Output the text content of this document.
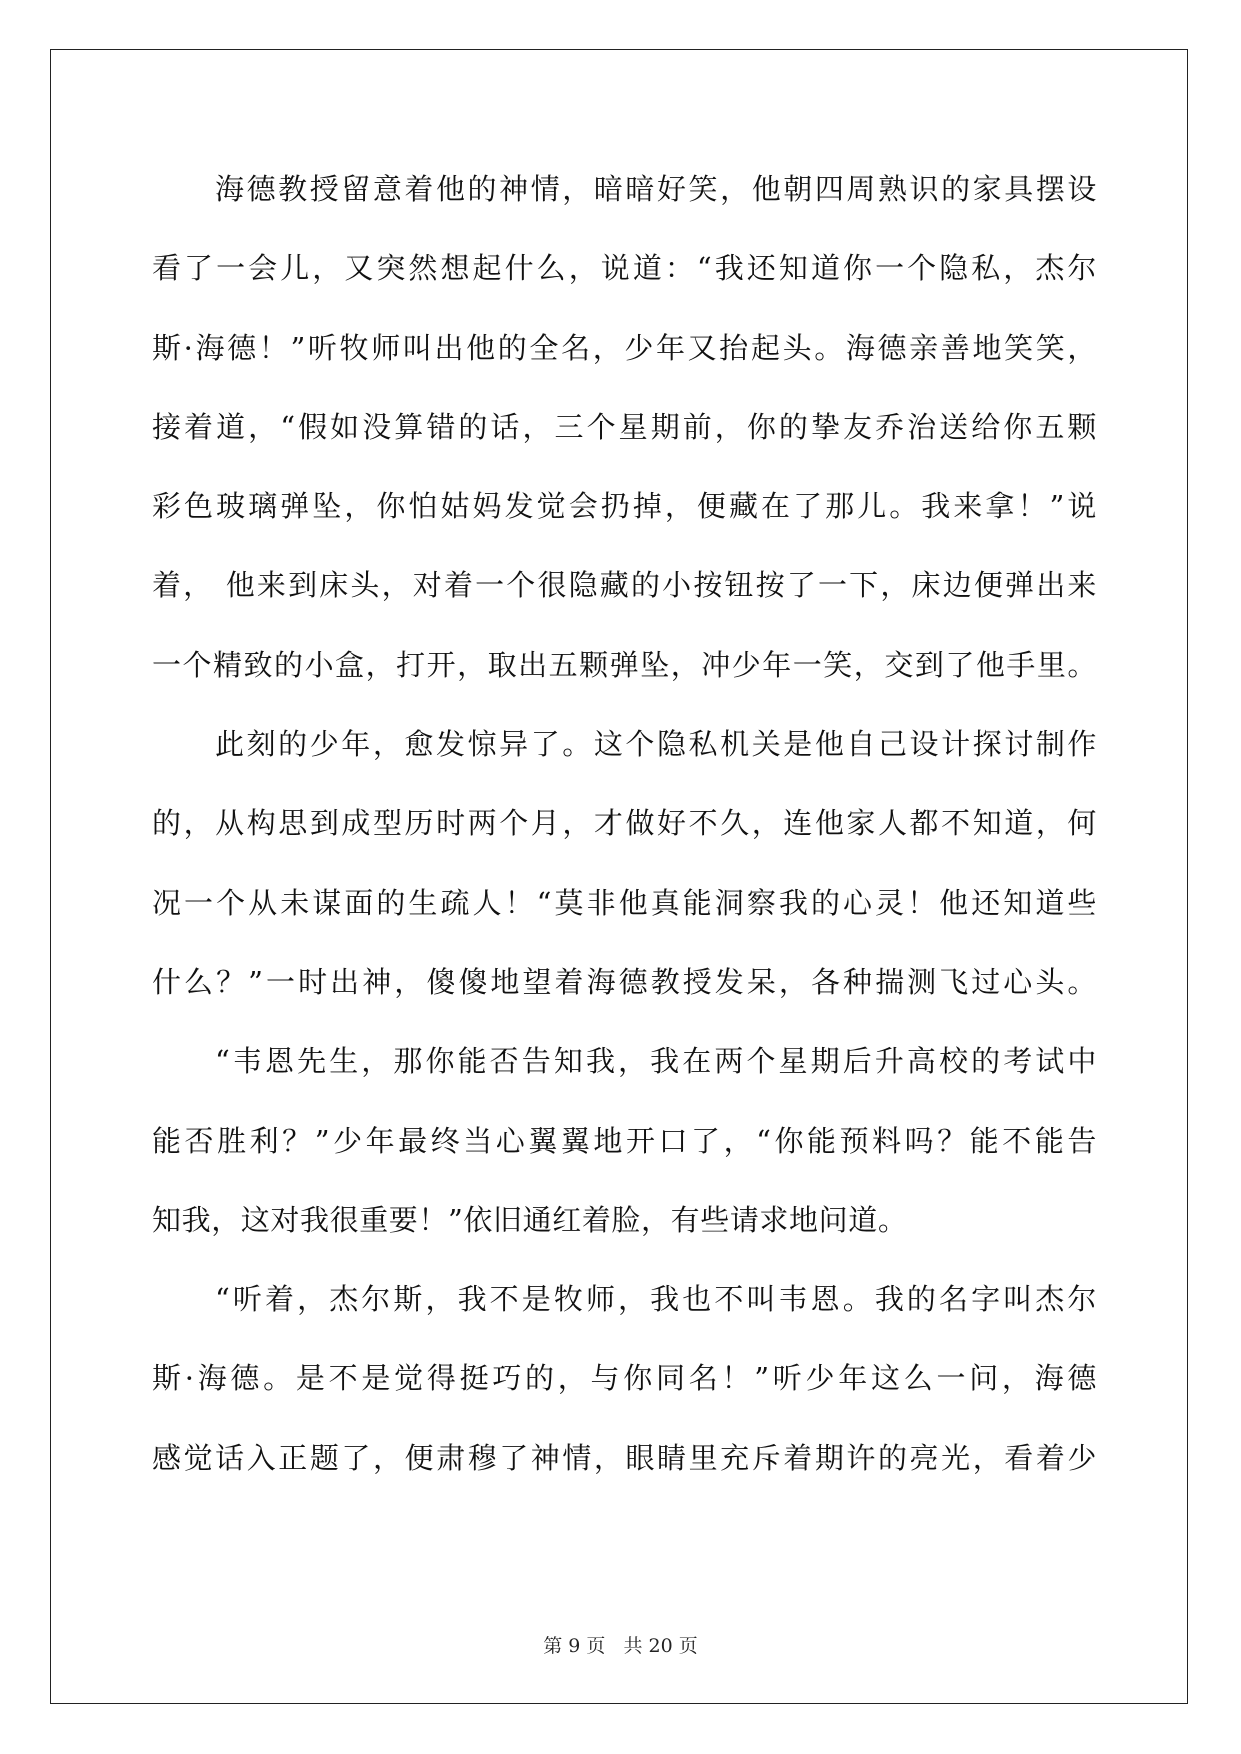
海德教授留意着他的神情，暗暗好笑，他朝四周熟识的家具摆设
看了一会儿，又突然想起什么，说道：“我还知道你一个隐私，杰尔
斯·海德！”听牧师叫出他的全名，少年又抬起头。海德亲善地笑笑，
接着道，“假如没算错的话，三个星期前，你的挚友乔治送给你五颗
彩色玻璃弹坠，你怕姑妈发觉会扔掉，便藏在了那儿。我来拿！”说
着， 他来到床头，对着一个很隐藏的小按钮按了一下，床边便弹出来
一个精致的小盒，打开，取出五颗弹坠，冲少年一笑，交到了他手里。
此刻的少年，愈发惊异了。这个隐私机关是他自己设计探讨制作
的，从构思到成型历时两个月，才做好不久，连他家人都不知道，何
况一个从未谋面的生疏人！“莫非他真能洞察我的心灵！他还知道些
什么？”一时出神，傻傻地望着海德教授发呆，各种揣测飞过心头。
“韦恩先生，那你能否告知我，我在两个星期后升高校的考试中
能否胜利？”少年最终当心翼翼地开口了，“你能预料吗？能不能告
知我，这对我很重要！”依旧通红着脸，有些请求地问道。
“听着，杰尔斯，我不是牧师，我也不叫韦恩。我的名字叫杰尔
斯·海德。是不是觉得挺巧的，与你同名！”听少年这么一问，海德
感觉话入正题了，便肃穆了神情，眼睛里充斥着期许的亮光，看着少
第 9 页 共 20 页
